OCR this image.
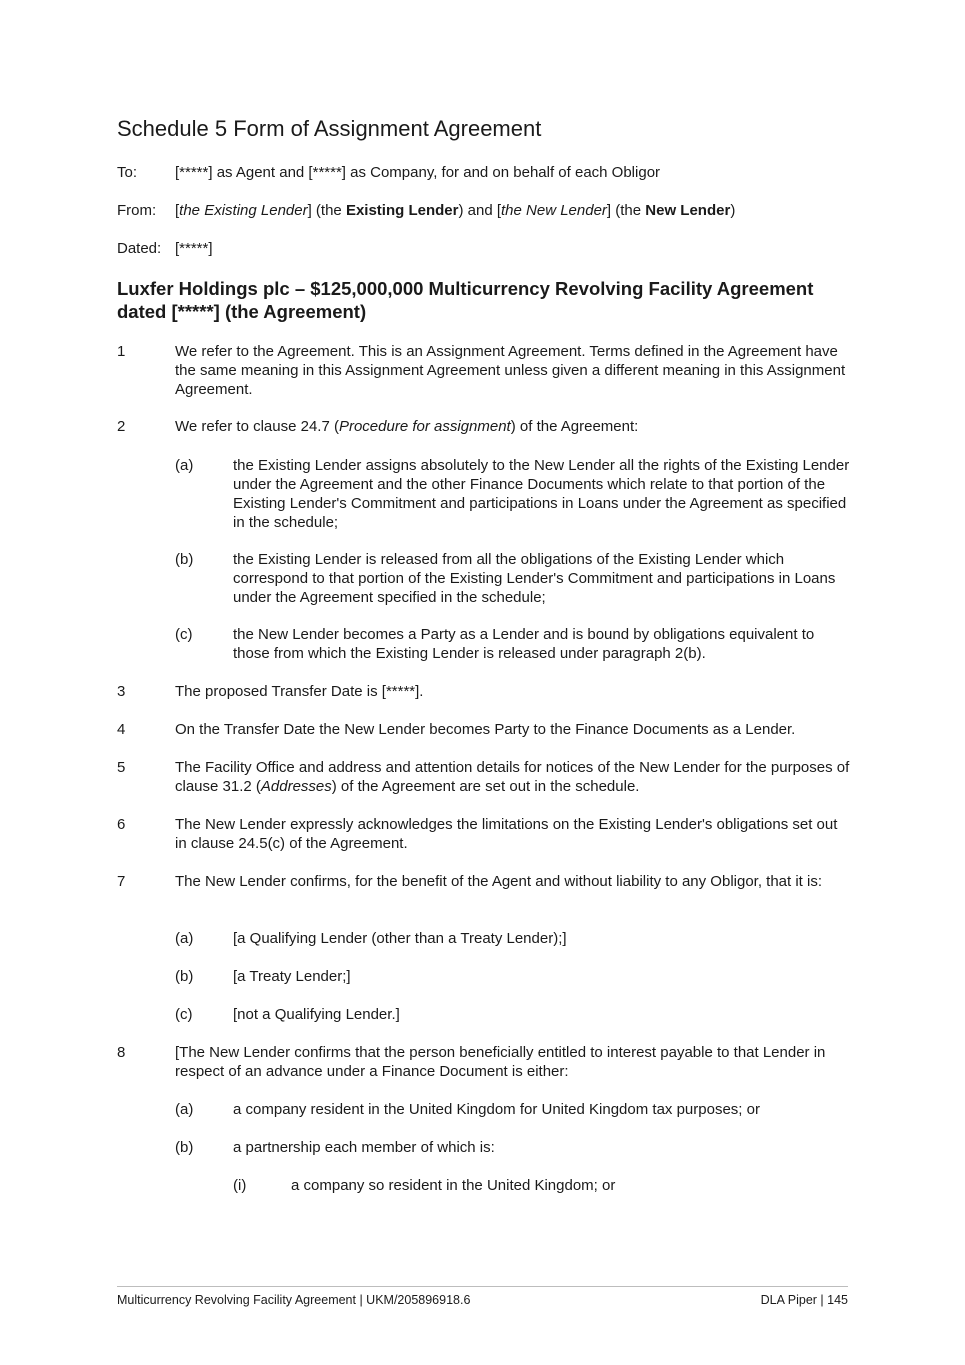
Schedule 5 Form of Assignment Agreement
To:	[*****] as Agent and [*****] as Company, for and on behalf of each Obligor
From: [the Existing Lender] (the Existing Lender) and [the New Lender] (the New Lender)
Dated: [*****]
Luxfer Holdings plc – $125,000,000 Multicurrency Revolving Facility Agreement dated [*****] (the Agreement)
1	We refer to the Agreement. This is an Assignment Agreement. Terms defined in the Agreement have the same meaning in this Assignment Agreement unless given a different meaning in this Assignment Agreement.
2	We refer to clause 24.7 (Procedure for assignment) of the Agreement:
(a)	the Existing Lender assigns absolutely to the New Lender all the rights of the Existing Lender under the Agreement and the other Finance Documents which relate to that portion of the Existing Lender's Commitment and participations in Loans under the Agreement as specified in the schedule;
(b)	the Existing Lender is released from all the obligations of the Existing Lender which correspond to that portion of the Existing Lender's Commitment and participations in Loans under the Agreement specified in the schedule;
(c)	the New Lender becomes a Party as a Lender and is bound by obligations equivalent to those from which the Existing Lender is released under paragraph 2(b).
3	The proposed Transfer Date is [*****].
4	On the Transfer Date the New Lender becomes Party to the Finance Documents as a Lender.
5	The Facility Office and address and attention details for notices of the New Lender for the purposes of clause 31.2 (Addresses) of the Agreement are set out in the schedule.
6	The New Lender expressly acknowledges the limitations on the Existing Lender's obligations set out in clause 24.5(c) of the Agreement.
7	The New Lender confirms, for the benefit of the Agent and without liability to any Obligor, that it is:
(a)	[a Qualifying Lender (other than a Treaty Lender);]
(b)	[a Treaty Lender;]
(c)	[not a Qualifying Lender.]
8	[The New Lender confirms that the person beneficially entitled to interest payable to that Lender in respect of an advance under a Finance Document is either:
(a)	a company resident in the United Kingdom for United Kingdom tax purposes; or
(b)	a partnership each member of which is:
(i)	a company so resident in the United Kingdom; or
Multicurrency Revolving Facility Agreement | UKM/205896918.6	DLA Piper | 145
